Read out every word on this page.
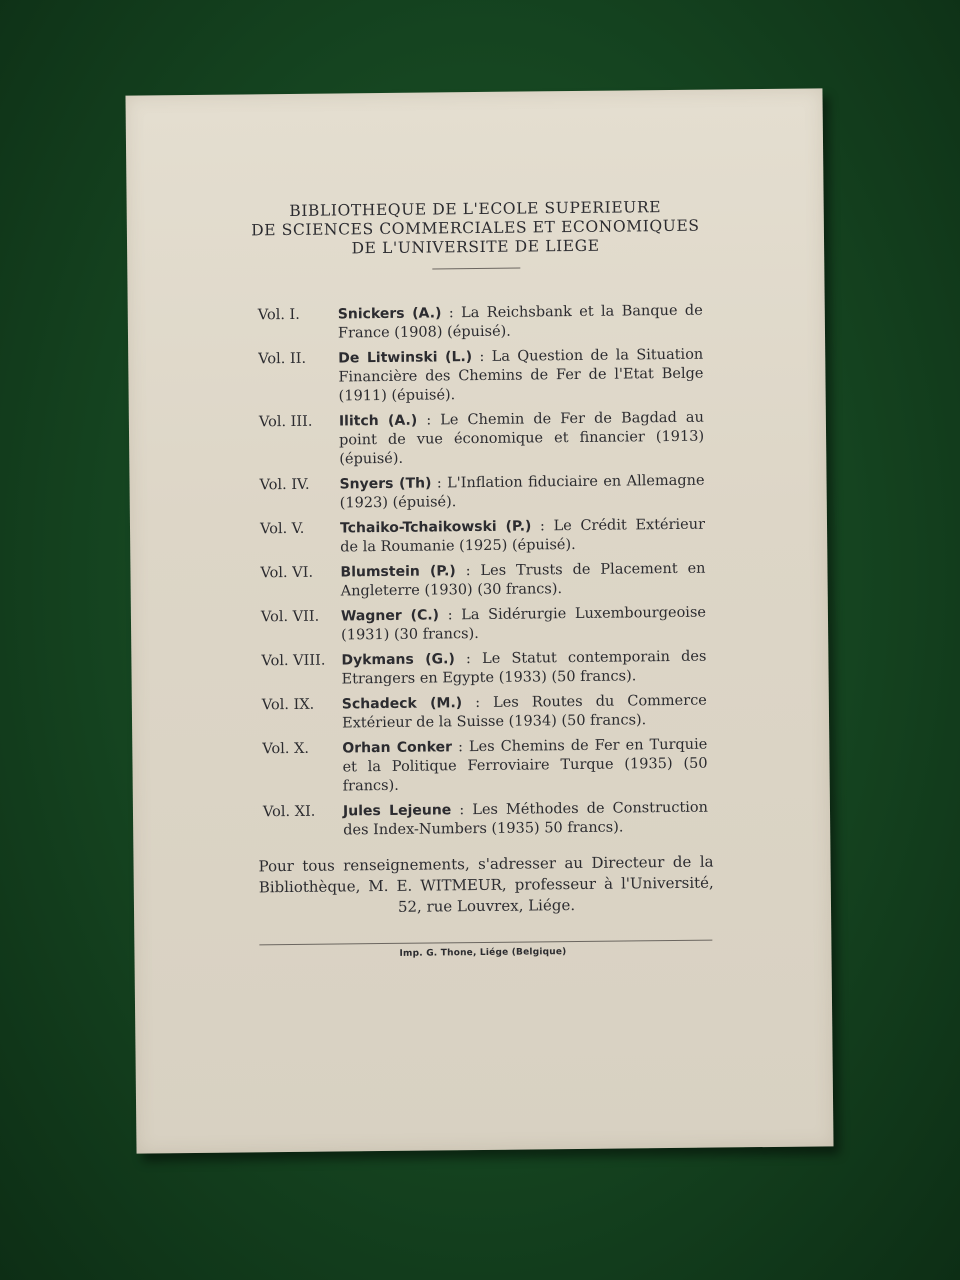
BIBLIOTHEQUE DE L'ECOLE SUPERIEURE
DE SCIENCES COMMERCIALES ET ECONOMIQUES
DE L'UNIVERSITE DE LIEGE
Vol. I.	Snickers (A.) : La Reichsbank et la Banque de France (1908) (épuisé).
Vol. II.	De Litwinski (L.) : La Question de la Situation Financière des Chemins de Fer de l'Etat Belge (1911) (épuisé).
Vol. III.	Ilitch (A.) : Le Chemin de Fer de Bagdad au point de vue économique et financier (1913) (épuisé).
Vol. IV.	Snyers (Th) : L'Inflation fiduciaire en Allemagne (1923) (épuisé).
Vol. V.	Tchaiko-Tchaikowski (P.) : Le Crédit Extérieur de la Roumanie (1925) (épuisé).
Vol. VI.	Blumstein (P.) : Les Trusts de Placement en Angleterre (1930) (30 francs).
Vol. VII.	Wagner (C.) : La Sidérurgie Luxembourgeoise (1931) (30 francs).
Vol. VIII.	Dykmans (G.) : Le Statut contemporain des Etrangers en Egypte (1933) (50 francs).
Vol. IX.	Schadeck (M.) : Les Routes du Commerce Extérieur de la Suisse (1934) (50 francs).
Vol. X.	Orhan Conker : Les Chemins de Fer en Turquie et la Politique Ferroviaire Turque (1935) (50 francs).
Vol. XI.	Jules Lejeune : Les Méthodes de Construction des Index-Numbers (1935) 50 francs).
Pour tous renseignements, s'adresser au Directeur de la
Bibliothèque, M. E. WITMEUR, professeur à l'Université,
52, rue Louvrex, Liége.
Imp. G. Thone, Liége (Belgique)
